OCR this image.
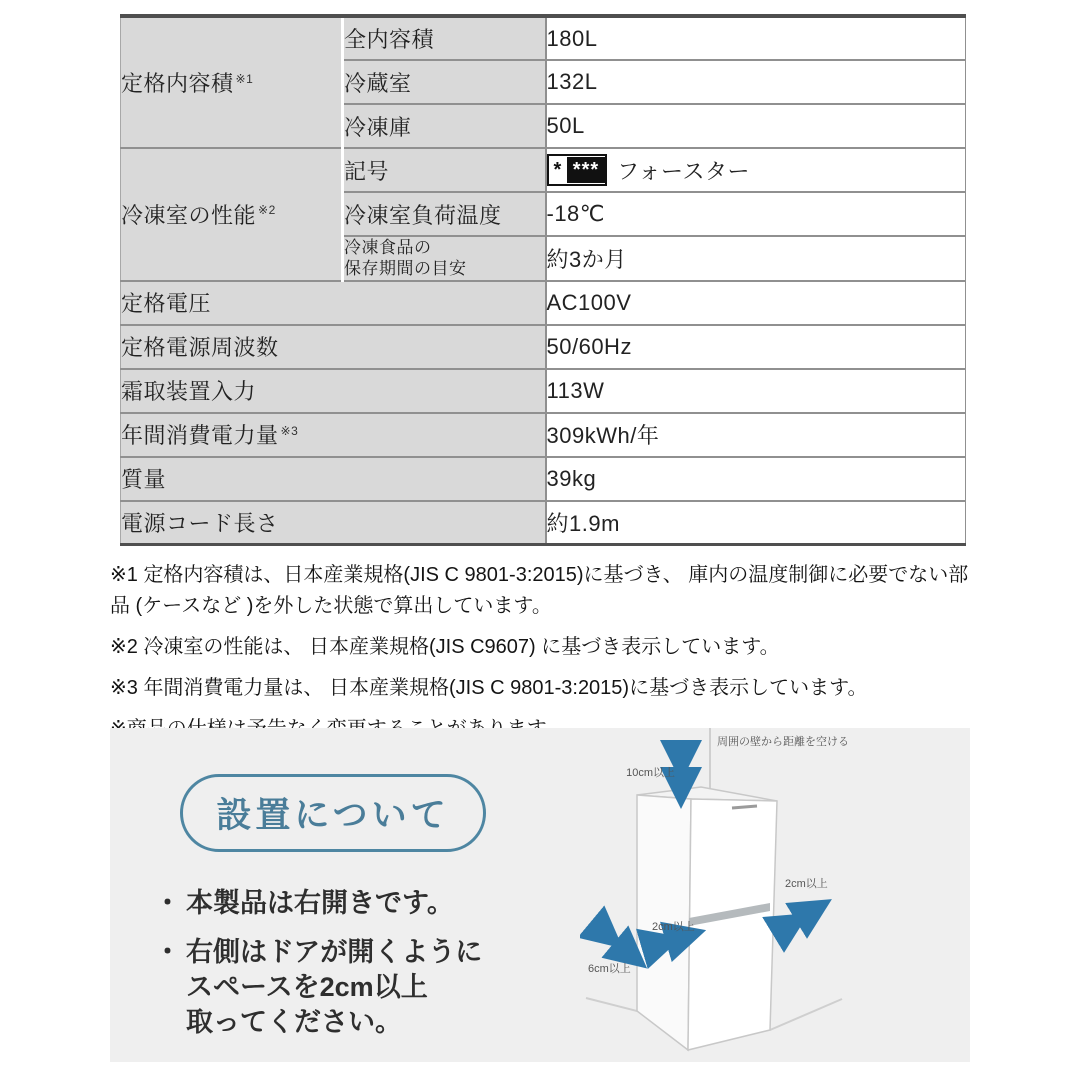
定格内容積 $^{※1}$	全内容積	180L
	冷蔵室	132L
	冷凍庫	50L
冷凍室の性能 $^{※2}$	記号	* *** フォースター

	冷凍室負荷温度	-18℃
	冷凍食品の
保存期間の目安	約3か月
定格電圧		AC100V
定格電源周波数		50/60Hz
霜取装置入力		113W
年間消費電力量 $^{※3}$		309kWh/年
質量		39kg
電源コード長さ		約1.9m

※1 定格内容積は、日本産業規格(JIS C 9801-3:2015)に基づき、 庫内の温度制御に必要でない部品 (ケースなど )を外した状態で算出しています。

※2 冷凍室の性能は、 日本産業規格(JIS C9607) に基づき表示しています。

※3 年間消費電力量は、 日本産業規格(JIS C 9801-3:2015)に基づき表示しています。

設置について
・ 本製品は右開きです。
・ 右側はドアが開くように
スペースを2cm以上
取ってください。
周囲の壁から距離を空ける
10cm以上
2cm以上
2cm以上
6cm以上
